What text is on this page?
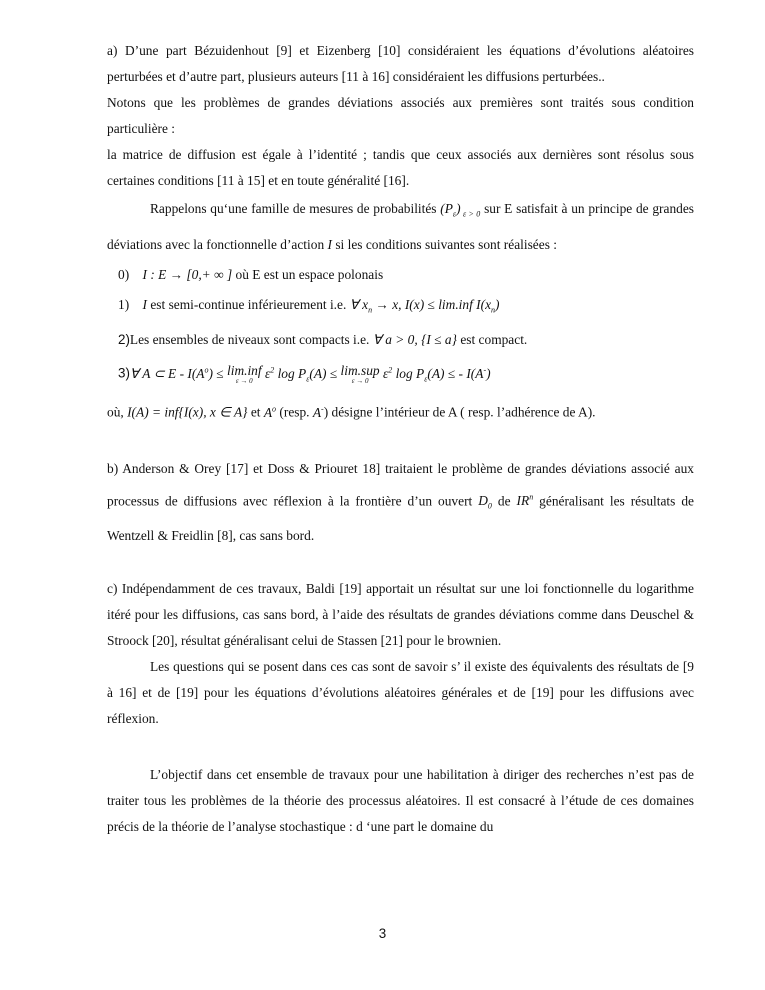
a) D’une part Bézuidenhout [9] et Eizenberg [10] considéraient les équations d’évolutions aléatoires perturbées et d’autre part, plusieurs auteurs [11 à 16] considéraient les diffusions perturbées..

Notons que les problèmes de grandes déviations associés aux premières sont traités sous condition particulière :

la matrice de diffusion est égale à l’identité ; tandis que ceux associés aux dernières sont résolus sous certaines conditions [11 à 15] et en toute généralité [16].

Rappelons qu‘une famille de mesures de probabilités $(P_\varepsilon)$ $_{\varepsilon > 0}$ sur E satisfait à un principe de grandes déviations avec la fonctionnelle d’action I si les conditions suivantes sont réalisées :

0) I : E → [0,+ ∞ ] où E est un espace polonais

1) I est semi-continue inférieurement i.e. ∀ $x_n \to x$, I(x) ≤ lim.inf $I(x_n)$

2)Les ensembles de niveaux sont compacts i.e. ∀ a > 0, {I ≤ a} est compact.

3)∀ A ⊂ $E - I(A^o) \le \lim.inf$
ε → 0 $\varepsilon^2$ $\log P_\varepsilon(A) \le \lim.sup$
ε → 0 $\varepsilon^2$ $\log P_\varepsilon(A)$ ≤ - I(A-)

où, I(A) = inf{I(x), x ∈ A} et $A^o$ (resp. A-) désigne l’intérieur de A ( resp. l’adhérence de A).

b) Anderson & Orey [17] et Doss & Priouret 18] traitaient le problème de grandes déviations associé aux processus de diffusions avec réflexion à la frontière d’un ouvert $D_0$ de $IR^n$ généralisant les résultats de Wentzell & Freidlin [8], cas sans bord.

c) Indépendamment de ces travaux, Baldi [19] apportait un résultat sur une loi fonctionnelle du logarithme itéré pour les diffusions, cas sans bord, à l’aide des résultats de grandes déviations comme dans Deuschel & Stroock [20], résultat généralisant celui de Stassen [21] pour le brownien.

Les questions qui se posent dans ces cas sont de savoir s’ il existe des équivalents des résultats de [9 à 16] et de [19] pour les équations d’évolutions aléatoires générales et de [19] pour les diffusions avec réflexion.

L’objectif dans cet ensemble de travaux pour une habilitation à diriger des recherches n’est pas de traiter tous les problèmes de la théorie des processus aléatoires. Il est consacré à l’étude de ces domaines précis de la théorie de l’analyse stochastique : d ‘une part le domaine du

3
